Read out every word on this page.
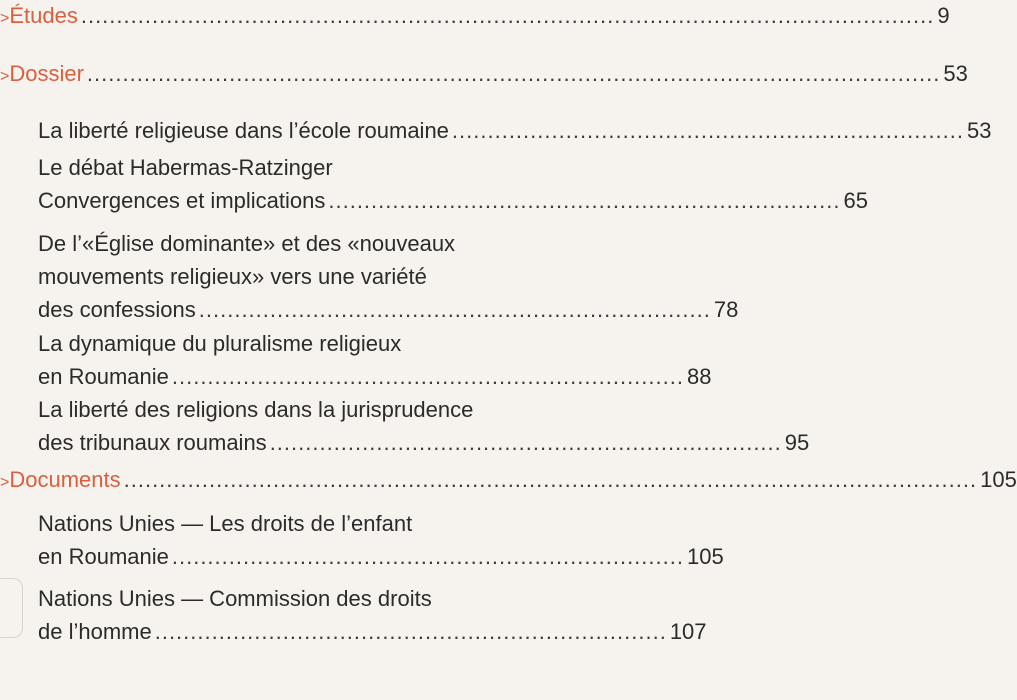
> Études ........................................................................................................................ 9
> Dossier ........................................................................................................................ 53
La liberté religieuse dans l’école roumaine ........................................................................ 53
Le débat Habermas-Ratzinger
Convergences et implications ........................................................................ 65
De l’«Église dominante» et des «nouveaux
mouvements religieux» vers une variété
des confessions ........................................................................ 78
La dynamique du pluralisme religieux
en Roumanie ........................................................................ 88
La liberté des religions dans la jurisprudence
des tribunaux roumains ........................................................................ 95
> Documents ........................................................................................................................ 105
Nations Unies — Les droits de l’enfant
en Roumanie ........................................................................ 105
Nations Unies — Commission des droits
de l’homme ........................................................................ 107
